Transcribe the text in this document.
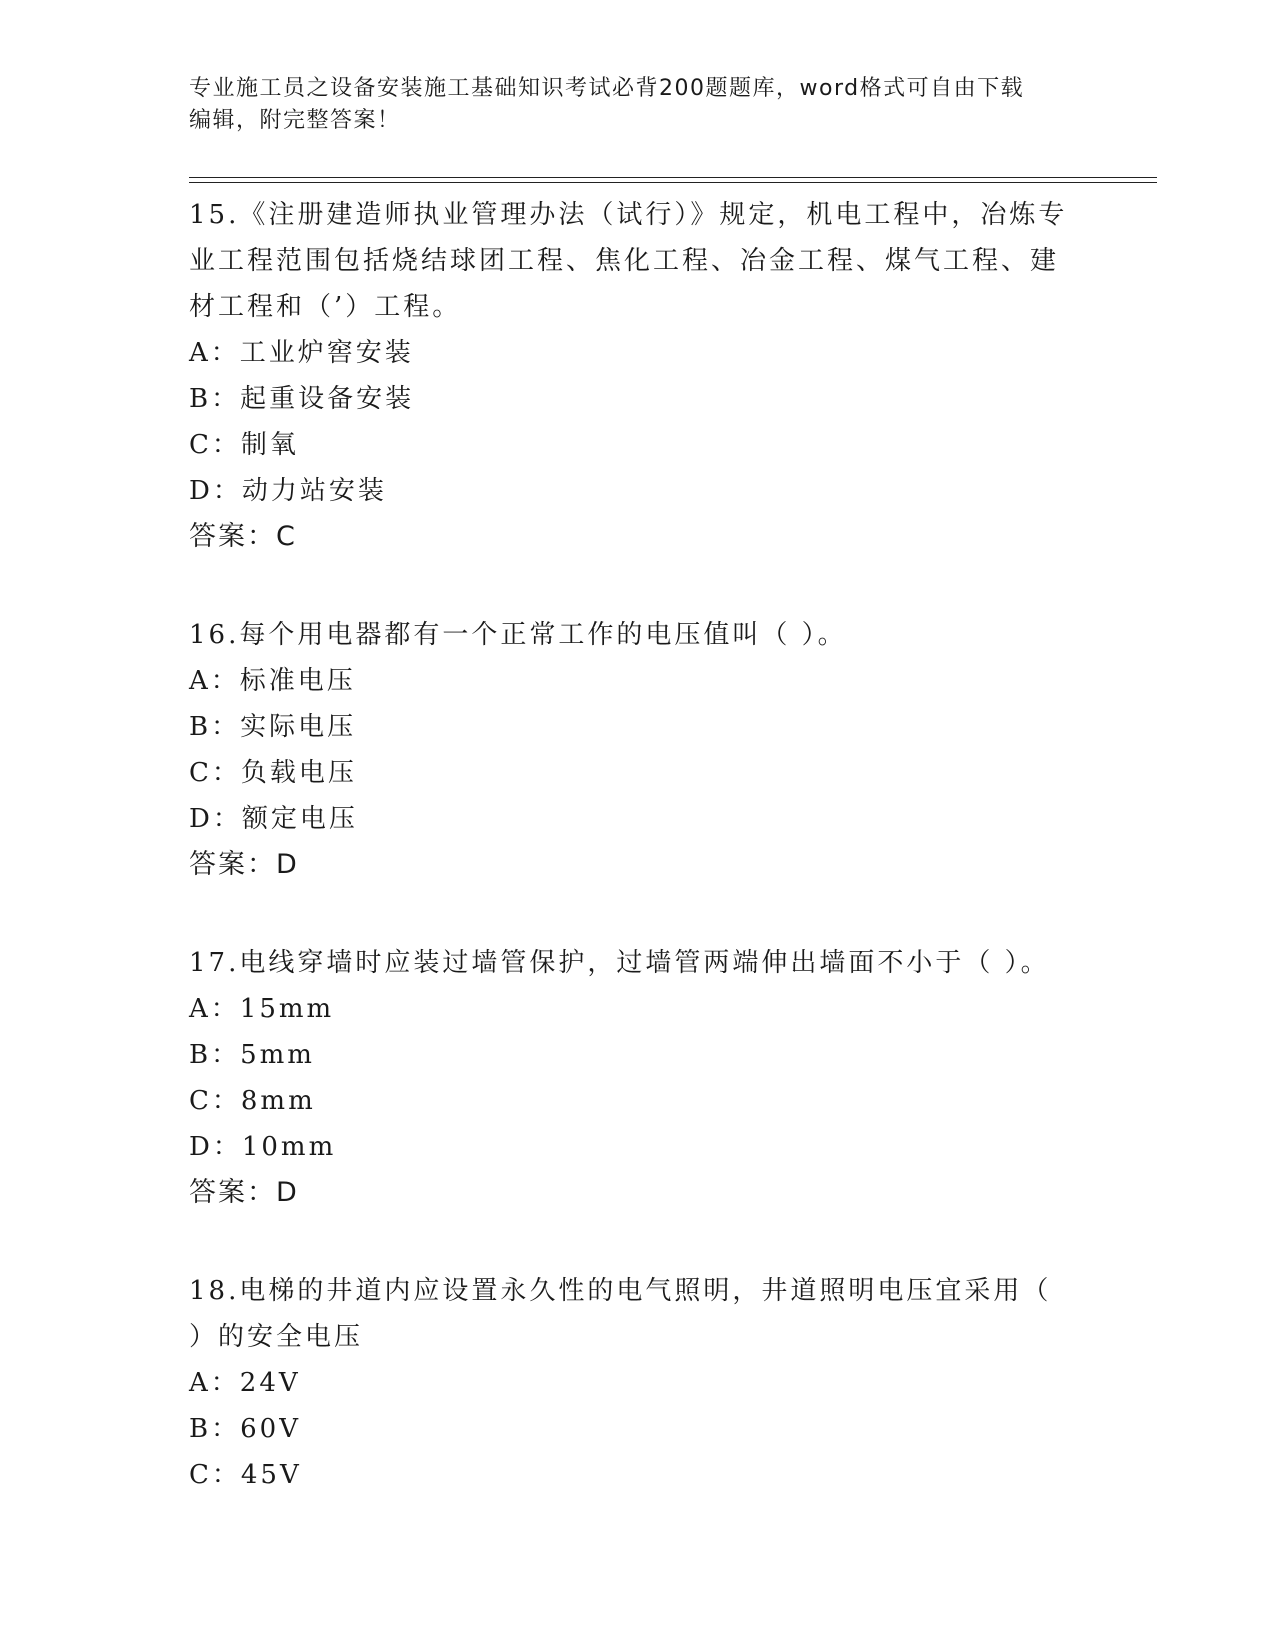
专业施工员之设备安装施工基础知识考试必背200题题库，word格式可自由下载
编辑，附完整答案！

15.《注册建造师执业管理办法（试行）》规定，机电工程中，冶炼专

业工程范围包括烧结球团工程、焦化工程、冶金工程、煤气工程、建

材工程和（’）工程。

A：工业炉窖安装

B：起重设备安装

C：制氧

D：动力站安装

答案：C

16.每个用电器都有一个正常工作的电压值叫（ ）。

A：标准电压

B：实际电压

C：负载电压

D：额定电压

答案：D

17.电线穿墙时应装过墙管保护，过墙管两端伸出墙面不小于（ ）。

A：15mm

B：5mm

C：8mm

D：10mm

答案：D

18.电梯的井道内应设置永久性的电气照明，井道照明电压宜采用（

）的安全电压

A：24V

B：60V

C：45V
